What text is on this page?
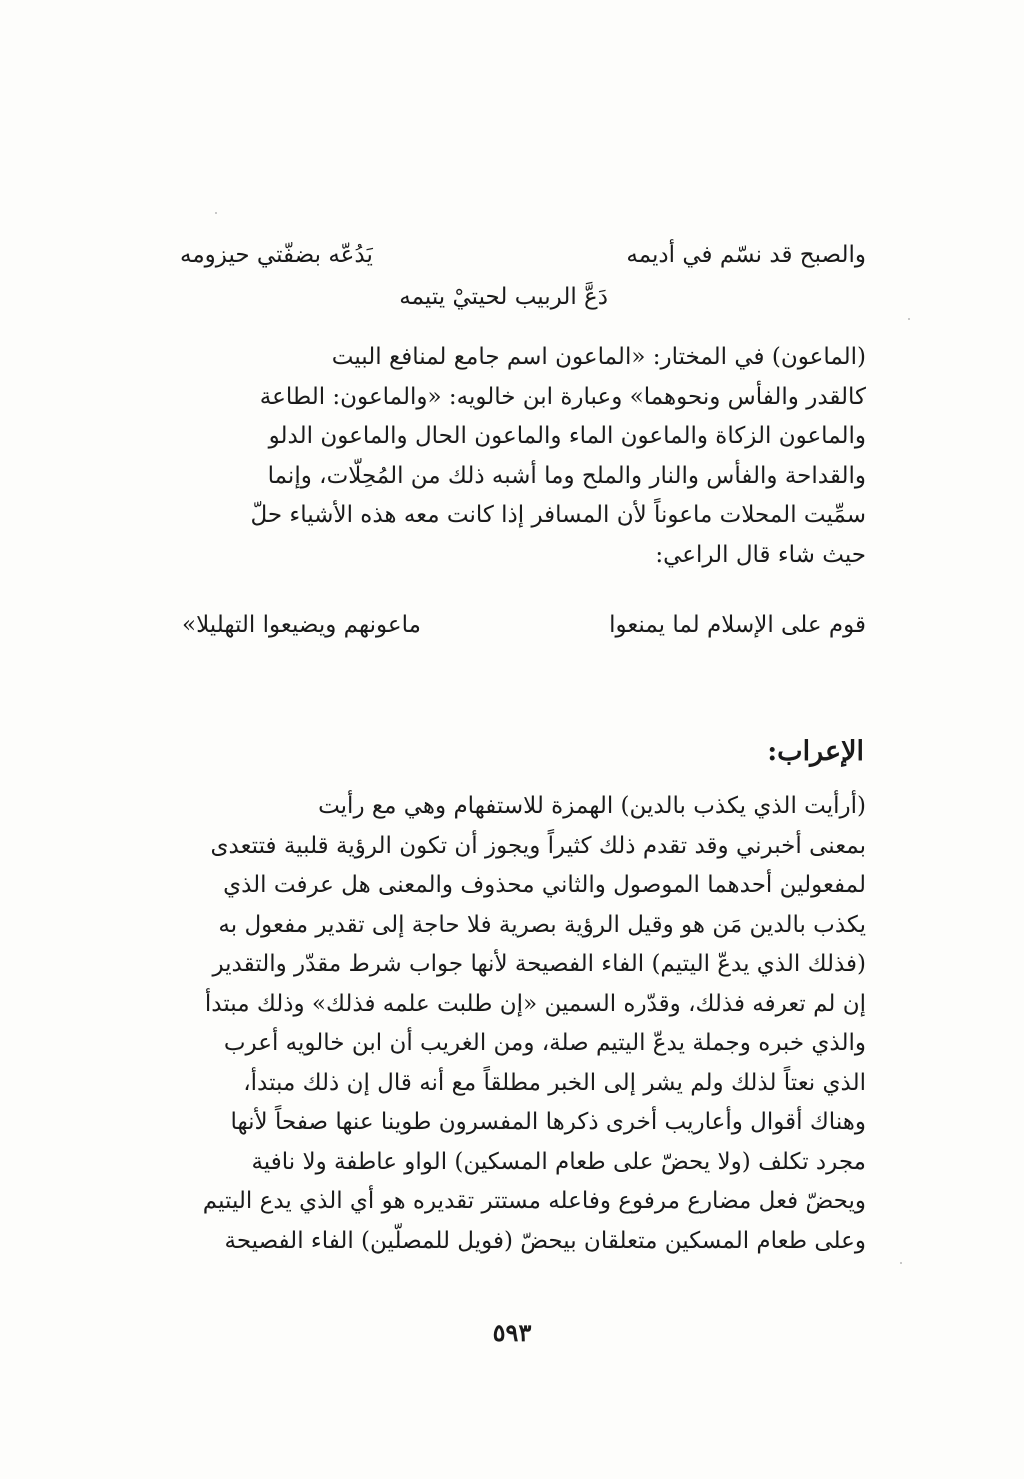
والصبح قد نسّم في أديمه
يَدُعّه بضفّتي حيزومه
دَعَّ الربيب لحيتيْ يتيمه
(الماعون) في المختار: «الماعون اسم جامع لمنافع البيت
كالقدر والفأس ونحوهما» وعبارة ابن خالويه: «والماعون: الطاعة
والماعون الزكاة والماعون الماء والماعون الحال والماعون الدلو
والقداحة والفأس والنار والملح وما أشبه ذلك من المُحِلّات، وإنما
سمِّيت المحلات ماعوناً لأن المسافر إذا كانت معه هذه الأشياء حلّ
حيث شاء قال الراعي:
قوم على الإسلام لما يمنعوا
ماعونهم ويضيعوا التهليلا»
الإعراب:
(أرأيت الذي يكذب بالدين) الهمزة للاستفهام وهي مع رأيت
بمعنى أخبرني وقد تقدم ذلك كثيراً ويجوز أن تكون الرؤية قلبية فتتعدى
لمفعولين أحدهما الموصول والثاني محذوف والمعنى هل عرفت الذي
يكذب بالدين مَن هو وقيل الرؤية بصرية فلا حاجة إلى تقدير مفعول به
(فذلك الذي يدعّ اليتيم) الفاء الفصيحة لأنها جواب شرط مقدّر والتقدير
إن لم تعرفه فذلك، وقدّره السمين «إن طلبت علمه فذلك» وذلك مبتدأ
والذي خبره وجملة يدعّ اليتيم صلة، ومن الغريب أن ابن خالويه أعرب
الذي نعتاً لذلك ولم يشر إلى الخبر مطلقاً مع أنه قال إن ذلك مبتدأ،
وهناك أقوال وأعاريب أخرى ذكرها المفسرون طوينا عنها صفحاً لأنها
مجرد تكلف (ولا يحضّ على طعام المسكين) الواو عاطفة ولا نافية
ويحضّ فعل مضارع مرفوع وفاعله مستتر تقديره هو أي الذي يدع اليتيم
وعلى طعام المسكين متعلقان بيحضّ (فويل للمصلّين) الفاء الفصيحة
٥٩٣
